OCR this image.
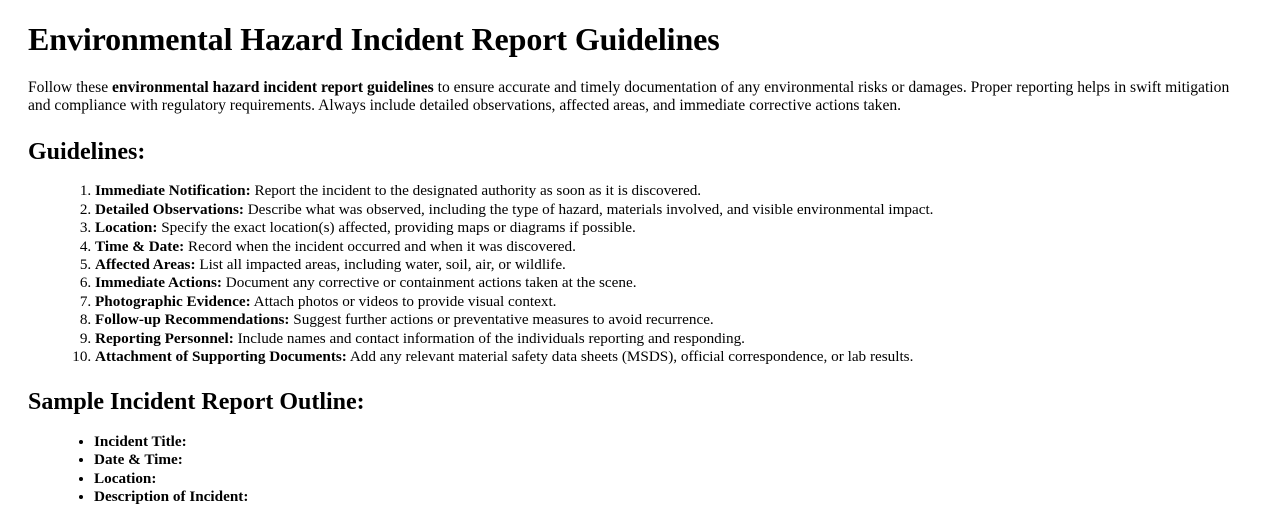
Environmental Hazard Incident Report Guidelines

Follow these environmental hazard incident report guidelines to ensure accurate and timely documentation of any environmental risks or damages. Proper reporting helps in swift mitigation and compliance with regulatory requirements. Always include detailed observations, affected areas, and immediate corrective actions taken.

Guidelines:
1. Immediate Notification: Report the incident to the designated authority as soon as it is discovered.
2. Detailed Observations: Describe what was observed, including the type of hazard, materials involved, and visible environmental impact.
3. Location: Specify the exact location(s) affected, providing maps or diagrams if possible.
4. Time & Date: Record when the incident occurred and when it was discovered.
5. Affected Areas: List all impacted areas, including water, soil, air, or wildlife.
6. Immediate Actions: Document any corrective or containment actions taken at the scene.
7. Photographic Evidence: Attach photos or videos to provide visual context.
8. Follow-up Recommendations: Suggest further actions or preventative measures to avoid recurrence.
9. Reporting Personnel: Include names and contact information of the individuals reporting and responding.
10. Attachment of Supporting Documents: Add any relevant material safety data sheets (MSDS), official correspondence, or lab results.
Sample Incident Report Outline:
• Incident Title:
• Date & Time:
• Location:
• Description of Incident:
